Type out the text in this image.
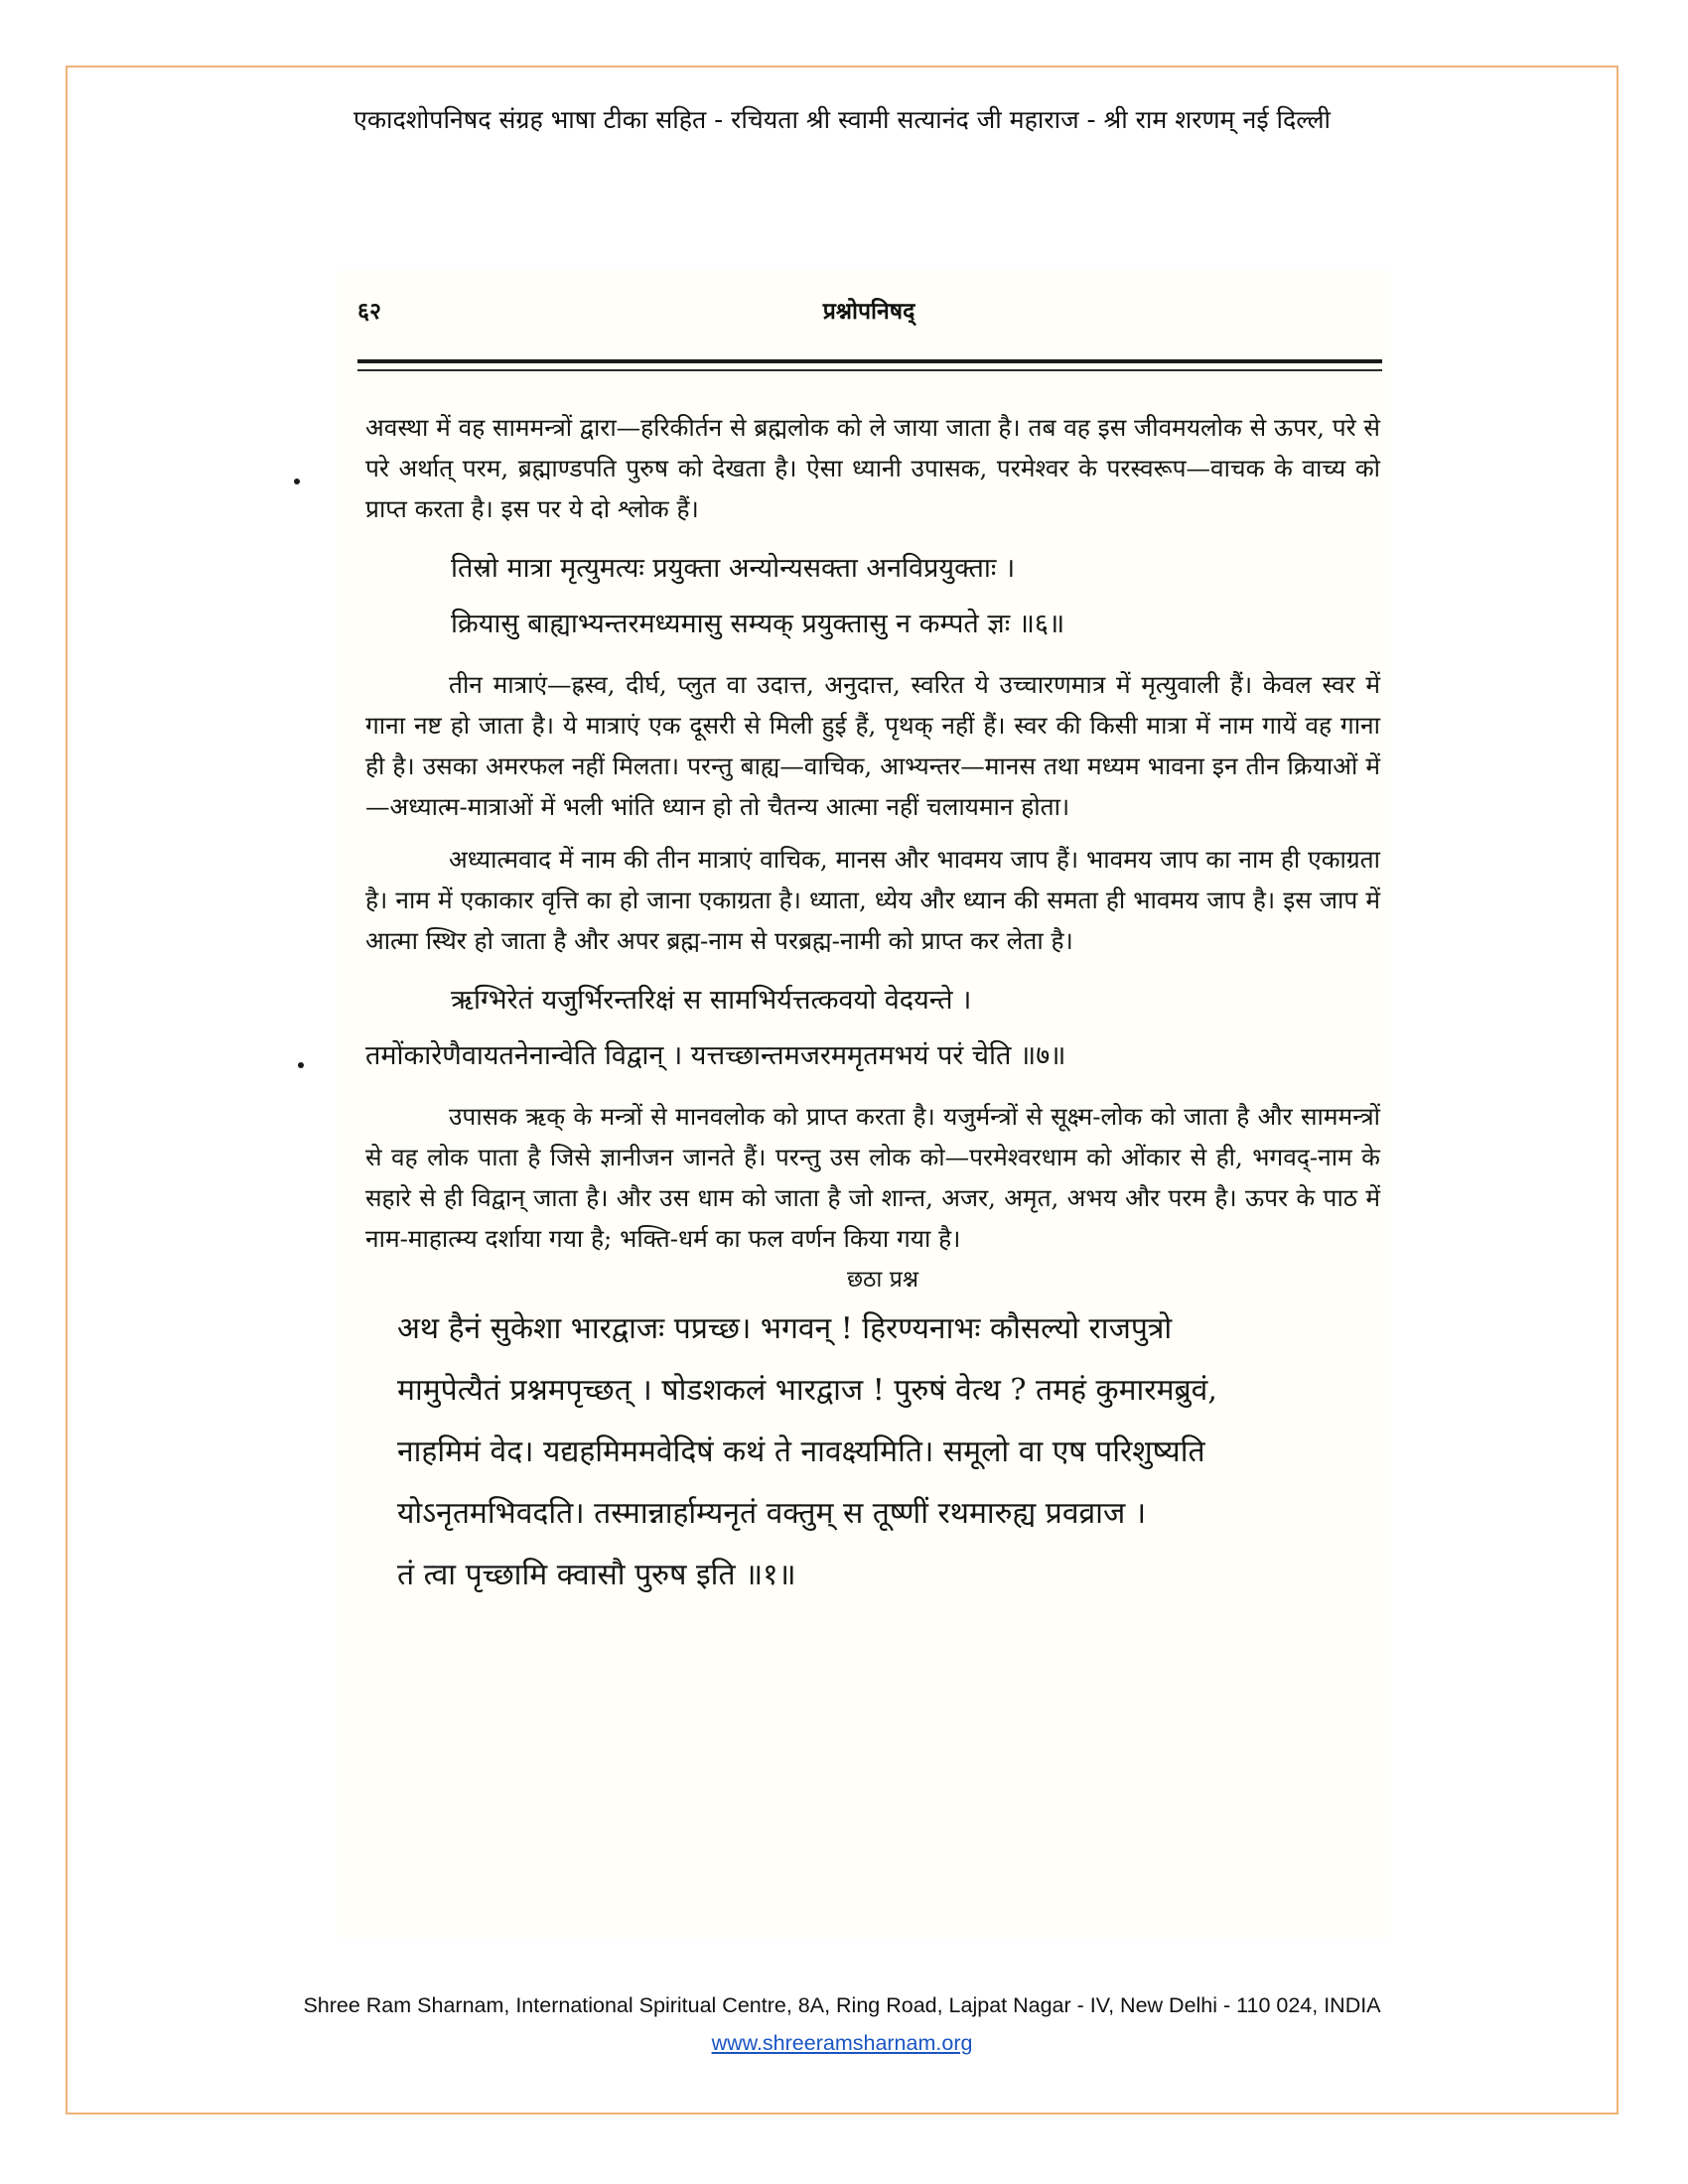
एकादशोपनिषद संग्रह भाषा टीका सहित - रचियता श्री स्वामी सत्यानंद जी महाराज - श्री राम शरणम् नई दिल्ली
६२	प्रश्नोपनिषद्

अवस्था में वह साममन्त्रों द्वारा—हरिकीर्तन से ब्रह्मलोक को ले जाया जाता है। तब वह इस जीवमयलोक से ऊपर, परे से परे अर्थात् परम, ब्रह्माण्डपति पुरुष को देखता है। ऐसा ध्यानी उपासक, परमेश्वर के परस्वरूप—वाचक के वाच्य को प्राप्त करता है। इस पर ये दो श्लोक हैं।

तिस्रो मात्रा मृत्युमत्यः प्रयुक्ता अन्योन्यसक्ता अनविप्रयुक्ताः ।

क्रियासु बाह्याभ्यन्तरमध्यमासु सम्यक् प्रयुक्तासु न कम्पते ज्ञः ॥६॥

तीन मात्राएं—ह्रस्व, दीर्घ, प्लुत वा उदात्त, अनुदात्त, स्वरित ये उच्चारणमात्र में मृत्युवाली हैं। केवल स्वर में गाना नष्ट हो जाता है। ये मात्राएं एक दूसरी से मिली हुई हैं, पृथक् नहीं हैं। स्वर की किसी मात्रा में नाम गायें वह गाना ही है। उसका अमरफल नहीं मिलता। परन्तु बाह्य—वाचिक, आभ्यन्तर—मानस तथा मध्यम भावना इन तीन क्रियाओं में—अध्यात्म-मात्राओं में भली भांति ध्यान हो तो चैतन्य आत्मा नहीं चलायमान होता।

अध्यात्मवाद में नाम की तीन मात्राएं वाचिक, मानस और भावमय जाप हैं। भावमय जाप का नाम ही एकाग्रता है। नाम में एकाकार वृत्ति का हो जाना एकाग्रता है। ध्याता, ध्येय और ध्यान की समता ही भावमय जाप है। इस जाप में आत्मा स्थिर हो जाता है और अपर ब्रह्म-नाम से परब्रह्म-नामी को प्राप्त कर लेता है।

ऋग्भिरेतं यजुर्भिरन्तरिक्षं स सामभिर्यत्तत्कवयो वेदयन्ते ।

तमोंकारेणैवायतनेनान्वेति विद्वान् । यत्तच्छान्तमजरममृतमभयं परं चेति ॥७॥

उपासक ऋक् के मन्त्रों से मानवलोक को प्राप्त करता है। यजुर्मन्त्रों से सूक्ष्म-लोक को जाता है और साममन्त्रों से वह लोक पाता है जिसे ज्ञानीजन जानते हैं। परन्तु उस लोक को—परमेश्वरधाम को ओंकार से ही, भगवद्-नाम के सहारे से ही विद्वान् जाता है। और उस धाम को जाता है जो शान्त, अजर, अमृत, अभय और परम है। ऊपर के पाठ में नाम-माहात्म्य दर्शाया गया है; भक्ति-धर्म का फल वर्णन किया गया है।

छठा प्रश्न

अथ हैनं सुकेशा भारद्वाजः पप्रच्छ। भगवन् ! हिरण्यनाभः कौसल्यो राजपुत्रो

मामुपेत्यैतं प्रश्नमपृच्छत् । षोडशकलं भारद्वाज ! पुरुषं वेत्थ ? तमहं कुमारमब्रुवं,

नाहमिमं वेद। यद्यहमिममवेदिषं कथं ते नावक्ष्यमिति। समूलो वा एष परिशुष्यति

योऽनृतमभिवदति। तस्मान्नार्हाम्यनृतं वक्तुम् स तूष्णीं रथमारुह्य प्रवव्राज ।

तं त्वा पृच्छामि क्वासौ पुरुष इति ॥१॥

Shree Ram Sharnam, International Spiritual Centre, 8A, Ring Road, Lajpat Nagar - IV, New Delhi - 110 024, INDIA
www.shreeramsharnam.org
